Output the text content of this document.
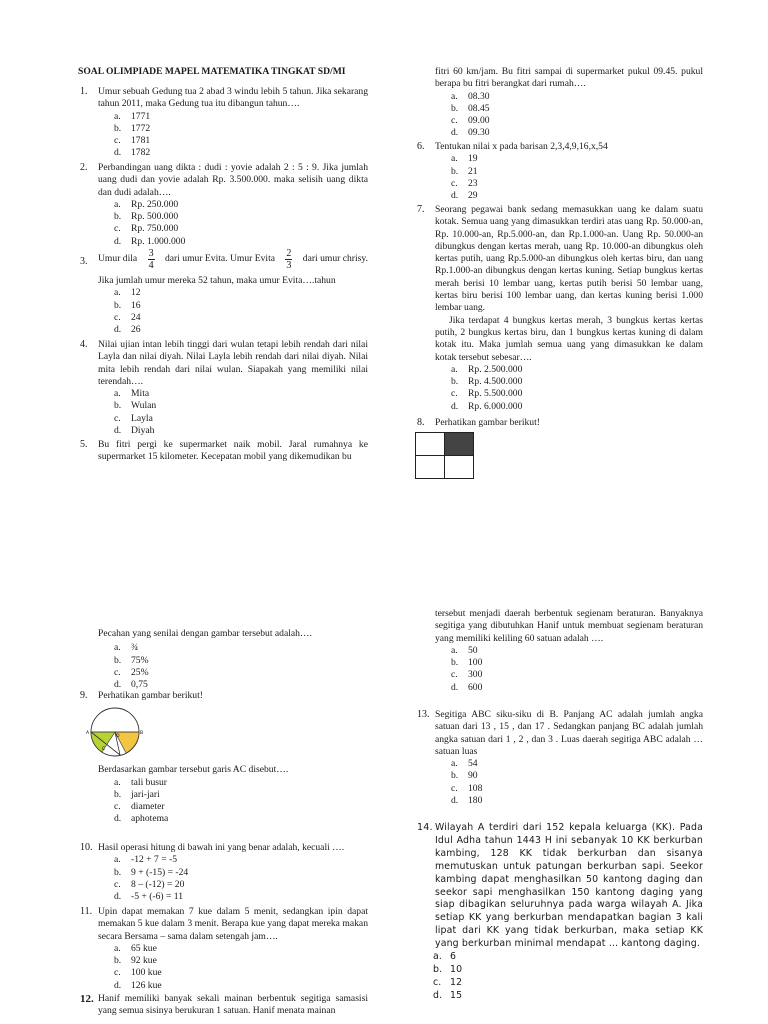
SOAL OLIMPIADE MAPEL MATEMATIKA TINGKAT SD/MI

1. Umur sebuah Gedung tua 2 abad 3 windu lebih 5 tahun. Jika sekarang tahun 2011, maka Gedung tua itu dibangun tahun….
a.	1771
b.	1772
c.	1781
d.	1782
2. Perbandingan uang dikta : dudi : yovie adalah 2 : 5 : 9. Jika jumlah uang dudi dan yovie adalah Rp. 3.500.000. maka selisih uang dikta dan dudi adalah….
a.	Rp. 250.000
b.	Rp. 500.000
c.	Rp. 750.000
d.	Rp. 1.000.000
3. Umur dila $\frac{3}{4}$ dari umur Evita. Umur Evita $\frac{2}{3}$ dari umur chrisy.
Jika jumlah umur mereka 52 tahun, maka umur Evita….tahun
a.	12
b.	16
c.	24
d.	26
4. Nilai ujian intan lebih tinggi dari wulan tetapi lebih rendah dari nilai Layla dan nilai diyah. Nilai Layla lebih rendah dari nilai diyah. Nilai mita lebih rendah dari nilai wulan. Siapakah yang memiliki nilai terendah….
a.	Mita
b.	Wulan
c.	Layla
d.	Diyah
5. Bu fitri pergi ke supermarket naik mobil. Jaral rumahnya ke supermarket 15 kilometer. Kecepatan mobil yang dikemudikan bu
Pecahan yang senilai dengan gambar tersebut adalah….
a.	¾
b.	75%
c.	25%
d.	0,75
9. Perhatikan gambar berikut!
A	B
C
O
Berdasarkan gambar tersebut garis AC disebut….
a.	tali busur
b.	jari-jari
c.	diameter
d.	aphotema
10. Hasil operasi hitung di bawah ini yang benar adalah, kecuali ….
a.	-12 + 7 = -5
b.	9 + (-15) = -24
c.	8 – (-12) = 20
d.	-5 + (-6) = 11
11. Upin dapat memakan 7 kue dalam 5 menit, sedangkan ipin dapat memakan 5 kue dalam 3 menit. Berapa kue yang dapat mereka makan secara Bersama – sama dalam setengah jam….
a.	65 kue
b.	92 kue
c.	100 kue
d.	126 kue
12. Hanif memiliki banyak sekali mainan berbentuk segitiga samasisi yang semua sisinya berukuran 1 satuan. Hanif menata mainan
fitri 60 km/jam. Bu fitri sampai di supermarket pukul 09.45. pukul berapa bu fitri berangkat dari rumah….
a.	08.30
b.	08.45
c.	09.00
d.	09.30
6. Tentukan nilai x pada barisan 2,3,4,9,16,x,54
a.	19
b.	21
c.	23
d.	29
7. Seorang pegawai bank sedang memasukkan uang ke dalam suatu kotak. Semua uang yang dimasukkan terdiri atas uang Rp. 50.000-an, Rp. 10.000-an, Rp.5.000-an, dan Rp.1.000-an. Uang Rp. 50.000-an dibungkus dengan kertas merah, uang Rp. 10.000-an dibungkus oleh kertas putih, uang Rp.5.000-an dibungkus oleh kertas biru, dan uang Rp.1.000-an dibungkus dengan kertas kuning. Setiap bungkus kertas merah berisi 10 lembar uang, kertas putih berisi 50 lembar uang, kertas biru berisi 100 lembar uang, dan kertas kuning berisi 1.000 lembar uang.
Jika terdapat 4 bungkus kertas merah, 3 bungkus kertas kertas putih, 2 bungkus kertas biru, dan 1 bungkus kertas kuning di dalam kotak itu. Maka jumlah semua uang yang dimasukkan ke dalam kotak tersebut sebesar….
a.	Rp. 2.500.000
b.	Rp. 4.500.000
c.	Rp. 5.500.000
d.	Rp. 6.000.000
8. Perhatikan gambar berikut!

tersebut menjadi daerah berbentuk segienam beraturan. Banyaknya segitiga yang dibutuhkan Hanif untuk membuat segienam beraturan yang memiliki keliling 60 satuan adalah ….
a.	50
b.	100
c.	300
d.	600
13. Segitiga ABC siku-siku di B. Panjang AC adalah jumlah angka satuan dari 13 , 15 , dan 17 . Sedangkan panjang BC adalah jumlah angka satuan dari 1 , 2 , dan 3 . Luas daerah segitiga ABC adalah … satuan luas
a.	54
b.	90
c.	108
d.	180
14. Wilayah A terdiri dari 152 kepala keluarga (KK). Pada Idul Adha tahun 1443 H ini sebanyak 10 KK berkurban kambing, 128 KK tidak berkurban dan sisanya memutuskan untuk patungan berkurban sapi. Seekor kambing dapat menghasilkan 50 kantong daging dan seekor sapi menghasilkan 150 kantong daging yang siap dibagikan seluruhnya pada warga wilayah A. Jika setiap KK yang berkurban mendapatkan bagian 3 kali lipat dari KK yang tidak berkurban, maka setiap KK yang berkurban minimal mendapat … kantong daging.
a. 6
b. 10
c. 12
d. 15
